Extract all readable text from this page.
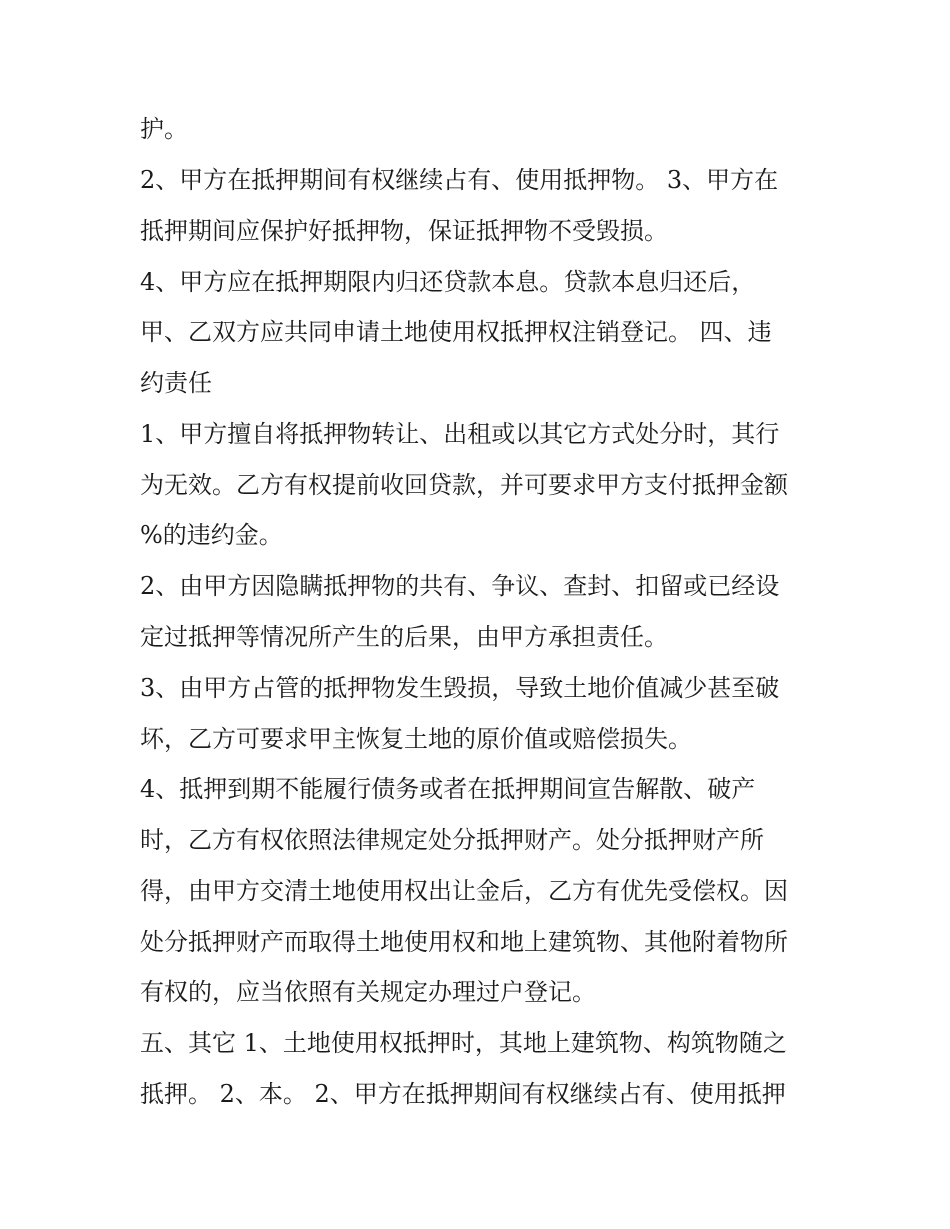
护。
2、甲方在抵押期间有权继续占有、使用抵押物。 3、甲方在
抵押期间应保护好抵押物，保证抵押物不受毁损。
4、甲方应在抵押期限内归还贷款本息。贷款本息归还后，
甲、乙双方应共同申请土地使用权抵押权注销登记。 四、违
约责任
1、甲方擅自将抵押物转让、出租或以其它方式处分时，其行
为无效。乙方有权提前收回贷款，并可要求甲方支付抵押金额
%的违约金。
2、由甲方因隐瞒抵押物的共有、争议、查封、扣留或已经设
定过抵押等情况所产生的后果，由甲方承担责任。
3、由甲方占管的抵押物发生毁损，导致土地价值减少甚至破
坏，乙方可要求甲主恢复土地的原价值或赔偿损失。
4、抵押到期不能履行债务或者在抵押期间宣告解散、破产
时，乙方有权依照法律规定处分抵押财产。处分抵押财产所
得，由甲方交清土地使用权出让金后，乙方有优先受偿权。因
处分抵押财产而取得土地使用权和地上建筑物、其他附着物所
有权的，应当依照有关规定办理过户登记。
五、其它 1、土地使用权抵押时，其地上建筑物、构筑物随之
抵押。 2、本。 2、甲方在抵押期间有权继续占有、使用抵押
